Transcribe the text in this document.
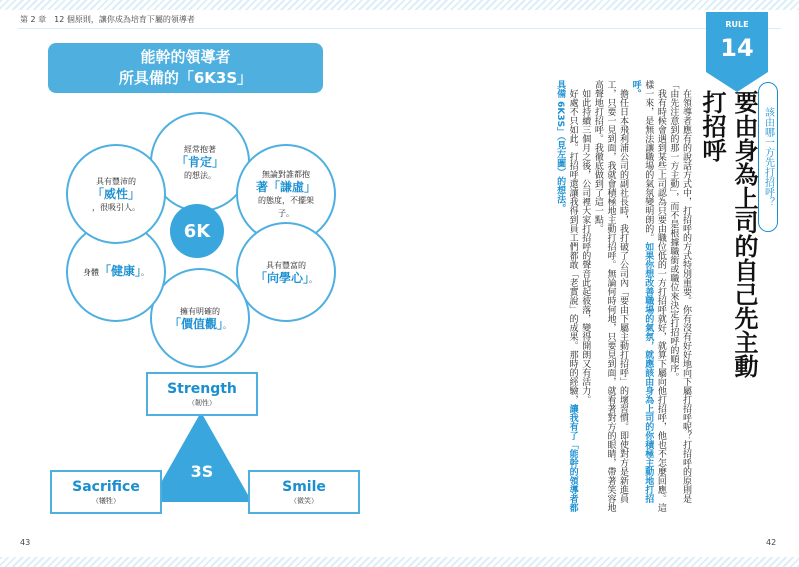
第 2 章　12 個原則，讓你成為培育下屬的領導者
能幹的領導者
所具備的「6K3S」
經常抱著
「肯定」
的想法。	無論對誰都抱
著「謙虛」
的態度，不擺架子。
具有豐富的
「向學心」。
擁有明確的
「價值觀」。
身體「健康」。
具有豐沛的
「威性」
，很吸引人。
6K
3S
Strength
（韌性）
Sacrifice
（犧牲）
Smile
（微笑）
43	42
RULE
14
該由哪一方先打招呼？
要由身為上司的自己先主動打招呼

在領導者應有的說話方式中，打招呼的方式特別重要。你有沒有好好地向下屬打招呼呢？打招呼的原則是「由先注意到的那一方主動」，而不是根據職銜或職位來決定打招呼的順序。

我有時候會遇到某些上司認為只要由職位低的一方打招呼就好，就算下屬向他打招呼，他也不怎麼回應。這樣一來，是無法讓職場的氣氛變明朗的。如果你想改善職場的氣氛，就應該由身為上司的你積極主動地打招呼。

擔任日本飛利浦公司的副社長時，我打破了公司內「要由下屬主動打招呼」的壞習慣。即使對方是新進員工，只要一見到面，我就會積極地主動打招呼。無論何時何地，只要見到面，就看著對方的眼睛，帶著笑容地高聲地打招呼。我徹底做到了這一點。

如此持續三個月之後，公司裡大家打招呼的聲音此起彼落，變得開朗又有活力。

好處不只如此。打招呼還讓我得到員工們都敢「老實說」的成果。那時的經驗，讓我有了「能幹的領導者都具備 6K3S」（見左圖）的想法。
